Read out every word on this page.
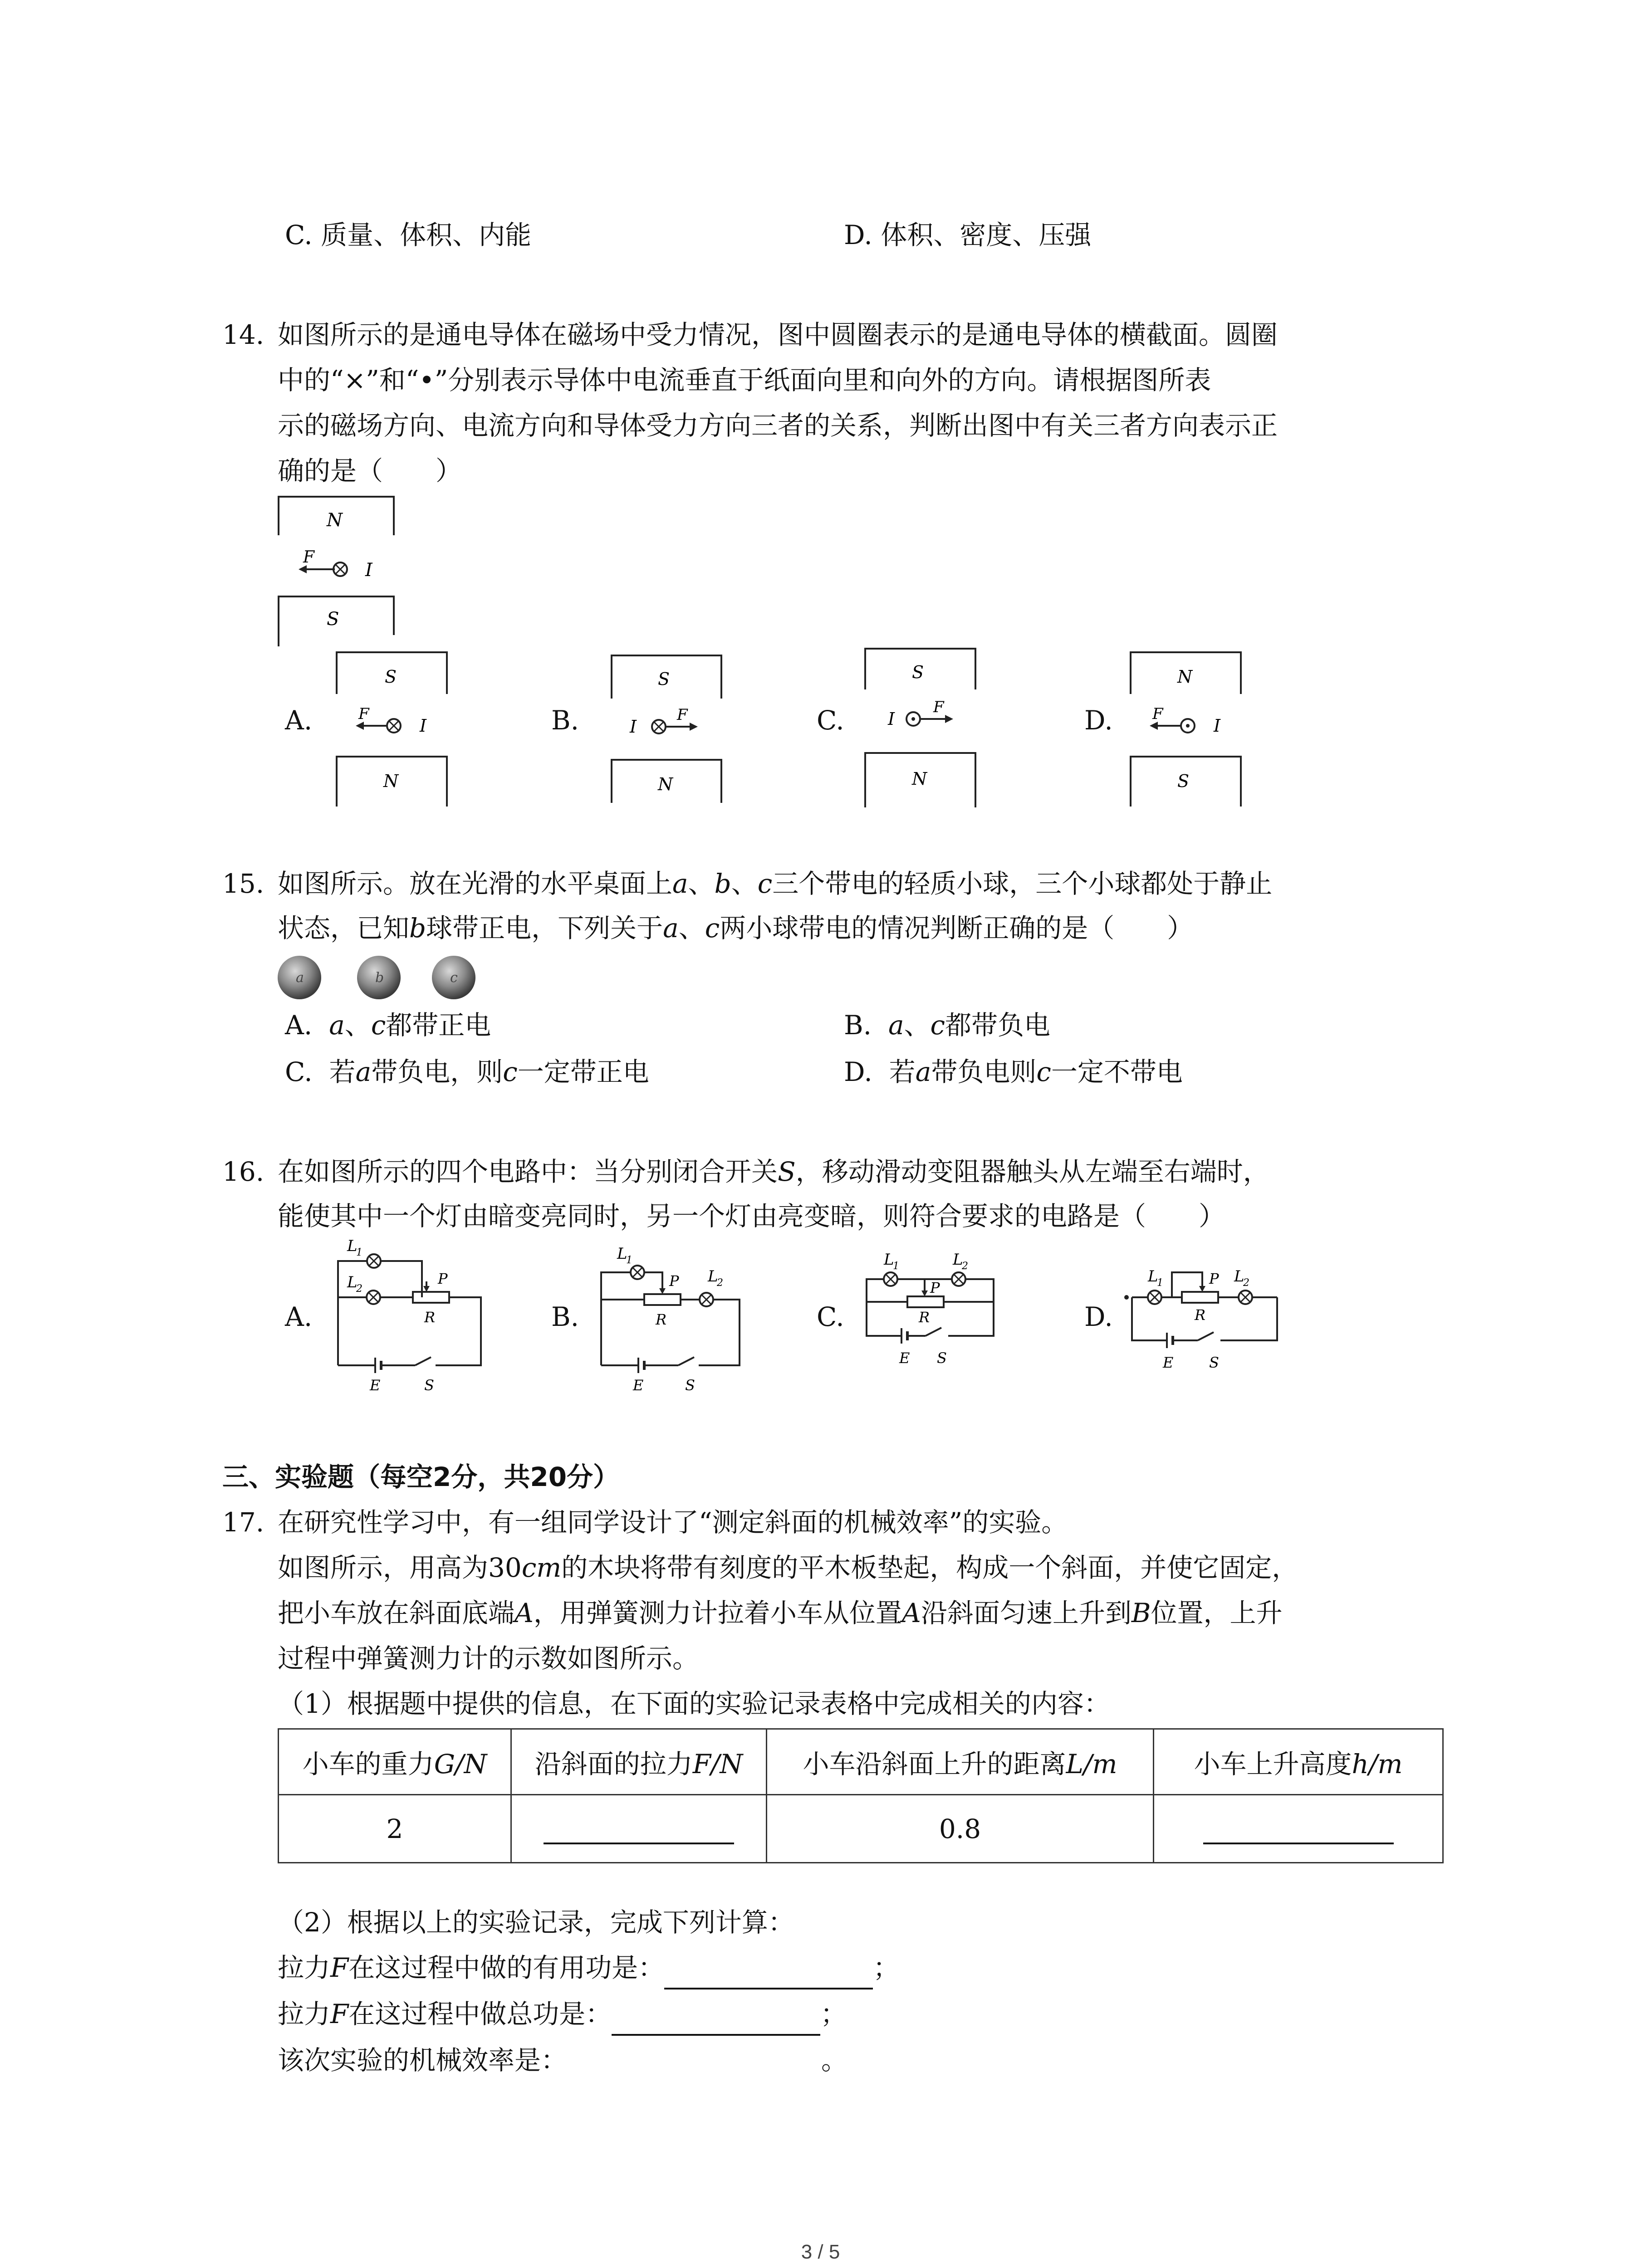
C. 质量、体积、内能	D. 体积、密度、压强
14. 如图所示的是通电导体在磁场中受力情况，图中圆圈表示的是通电导体的横截面。圆圈
中的“×”和“•”分别表示导体中电流垂直于纸面向里和向外的方向。请根据图所表
示的磁场方向、电流方向和导体受力方向三者的关系，判断出图中有关三者方向表示正
确的是（　　）
N
F
I
S
A.	B.	C.	D.
S
F
I
N
S
I
F
N
S
I
F
N
N
F
I
S
15. 如图所示。放在光滑的水平桌面上a、b、c三个带电的轻质小球，三个小球都处于静止
状态，已知b球带正电，下列关于a、c两小球带电的情况判断正确的是（　　）
a	b	c
A. a、c都带正电	B. a、c都带负电
C. 若a带负电，则c一定带正电	D. 若a带负电则c一定不带电
16. 在如图所示的四个电路中：当分别闭合开关S，移动滑动变阻器触头从左端至右端时，
能使其中一个灯由暗变亮同时，另一个灯由亮变暗，则符合要求的电路是（　　）
A.	B.	C.	D.
L
1
L
2
P
R
E	S
L
1
L
2
P
R
E	S
L
1	L
2
P
R
E S
L
1	L
2
P
R
E S
三、实验题（每空2分，共20分）
17. 在研究性学习中，有一组同学设计了“测定斜面的机械效率”的实验。
如图所示，用高为30cm的木块将带有刻度的平木板垫起，构成一个斜面，并使它固定，
把小车放在斜面底端A，用弹簧测力计拉着小车从位置A沿斜面匀速上升到B位置，上升
过程中弹簧测力计的示数如图所示。
（1）根据题中提供的信息，在下面的实验记录表格中完成相关的内容：
小车的重力G/N	沿斜面的拉力F/N	小车沿斜面上升的距离L/m	小车上升高度h/m
2		0.8	
（2）根据以上的实验记录，完成下列计算：
拉力F在这过程中做的有用功是：	；
拉力F在这过程中做总功是：	；
该次实验的机械效率是：	。
3 / 5
